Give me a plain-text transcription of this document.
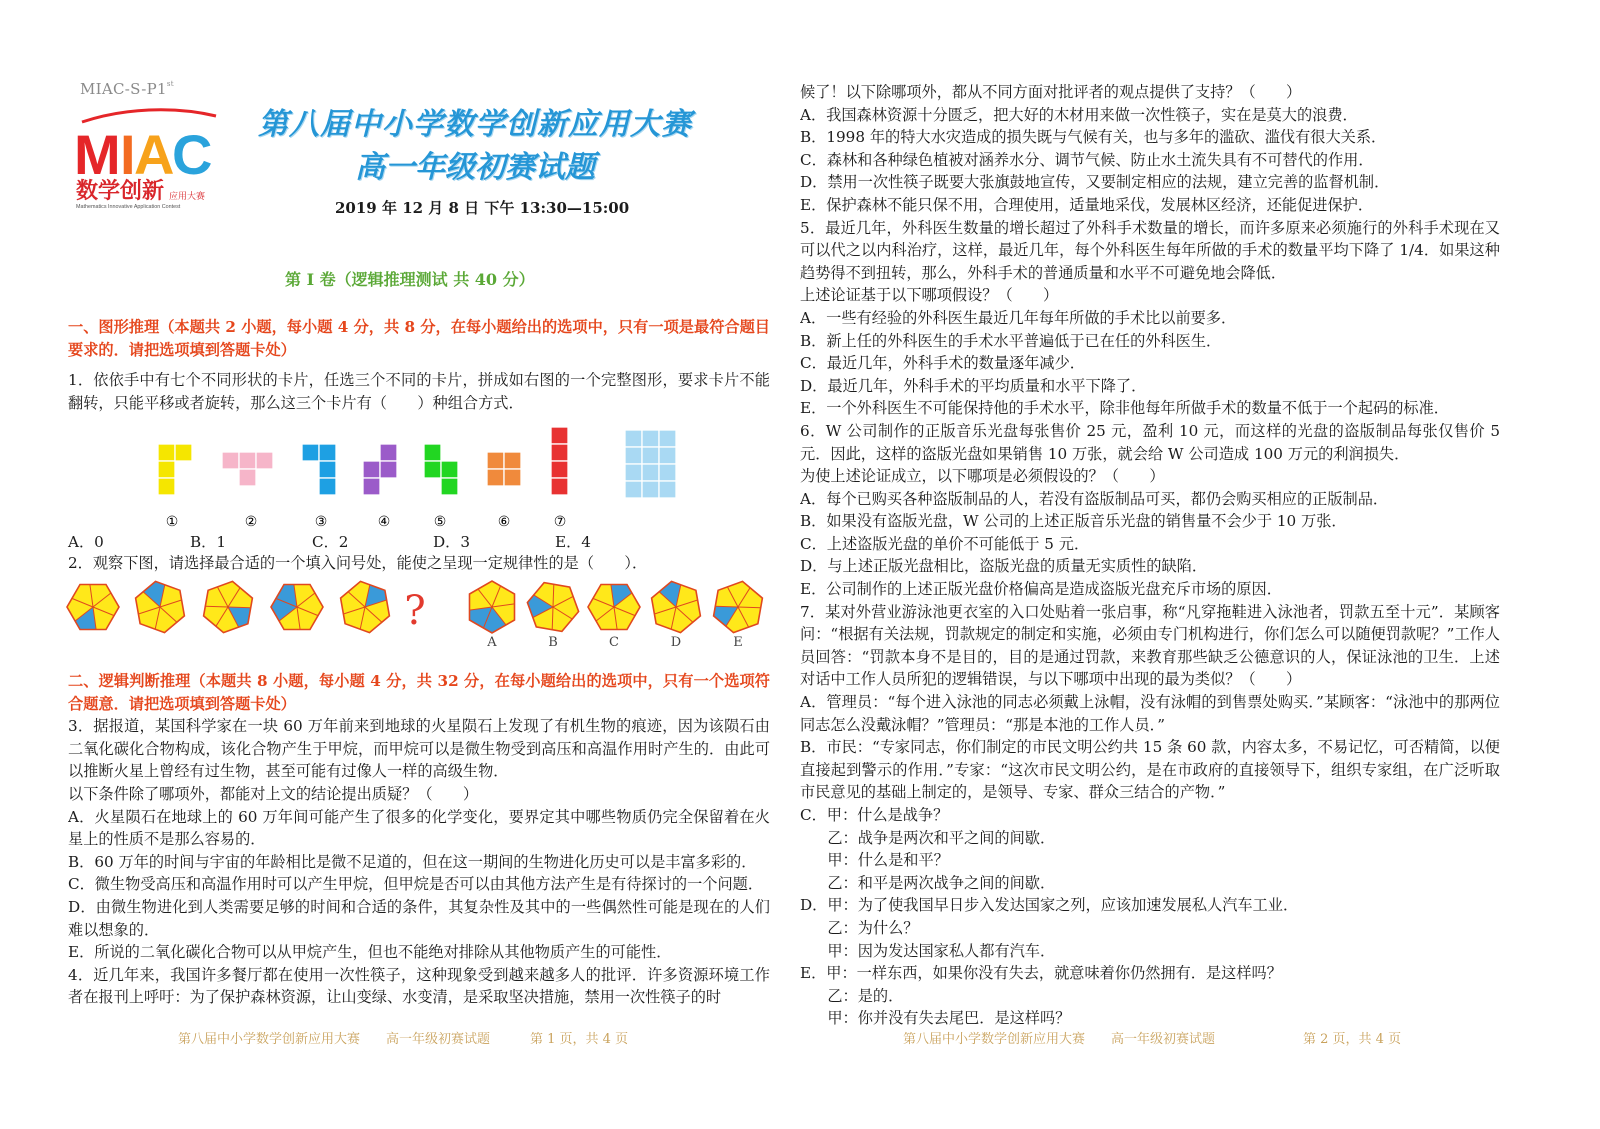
MIAC-S-P1st
M I
A
C
数学创新 应用大赛
Mathematics Innovative Application Contest
第八届中小学数学创新应用大赛
高一年级初赛试题
2019 年 12 月 8 日 下午 13:30—15:00
第 I 卷（逻辑推理测试 共 40 分）
一、图形推理（本题共 2 小题，每小题 4 分，共 8 分，在每小题给出的选项中，只有一项是最符合题目要求的．请把选项填到答题卡处）
1．依依手中有七个不同形状的卡片，任选三个不同的卡片，拼成如右图的一个完整图形，要求卡片不能翻转，只能平移或者旋转，那么这三个卡片有（　　）种组合方式．
①	②	③	④	⑤	⑥	⑦
A．0	B．1	C．2	D．3	E．4
2．观察下图，请选择最合适的一个填入问号处，能使之呈现一定规律性的是（　　）．
?
A	B	C	D	E

二、逻辑判断推理（本题共 8 小题，每小题 4 分，共 32 分，在每小题给出的选项中，只有一个选项符合题意．请把选项填到答题卡处）

3．据报道，某国科学家在一块 60 万年前来到地球的火星陨石上发现了有机生物的痕迹，因为该陨石由二氧化碳化合物构成，该化合物产生于甲烷，而甲烷可以是微生物受到高压和高温作用时产生的．由此可以推断火星上曾经有过生物，甚至可能有过像人一样的高级生物．

以下条件除了哪项外，都能对上文的结论提出质疑？（　　）

A．火星陨石在地球上的 60 万年间可能产生了很多的化学变化，要界定其中哪些物质仍完全保留着在火星上的性质不是那么容易的．

B．60 万年的时间与宇宙的年龄相比是微不足道的，但在这一期间的生物进化历史可以是丰富多彩的．

C．微生物受高压和高温作用时可以产生甲烷，但甲烷是否可以由其他方法产生是有待探讨的一个问题．

D．由微生物进化到人类需要足够的时间和合适的条件，其复杂性及其中的一些偶然性可能是现在的人们难以想象的．

E．所说的二氧化碳化合物可以从甲烷产生，但也不能绝对排除从其他物质产生的可能性．

4．近几年来，我国许多餐厅都在使用一次性筷子，这种现象受到越来越多人的批评．许多资源环境工作者在报刊上呼吁：为了保护森林资源，让山变绿、水变清，是采取坚决措施，禁用一次性筷子的时

第八届中小学数学创新应用大赛　　高一年级初赛试题	第 1 页，共 4 页

候了！以下除哪项外，都从不同方面对批评者的观点提供了支持？（　　）

A．我国森林资源十分匮乏，把大好的木材用来做一次性筷子，实在是莫大的浪费．

B．1998 年的特大水灾造成的损失既与气候有关，也与多年的滥砍、滥伐有很大关系．

C．森林和各种绿色植被对涵养水分、调节气候、防止水土流失具有不可替代的作用．

D．禁用一次性筷子既要大张旗鼓地宣传，又要制定相应的法规，建立完善的监督机制．

E．保护森林不能只保不用，合理使用，适量地采伐，发展林区经济，还能促进保护．

5．最近几年，外科医生数量的增长超过了外科手术数量的增长，而许多原来必须施行的外科手术现在又可以代之以内科治疗，这样，最近几年，每个外科医生每年所做的手术的数量平均下降了 1/4．如果这种趋势得不到扭转，那么，外科手术的普通质量和水平不可避免地会降低．

上述论证基于以下哪项假设？（　　）

A．一些有经验的外科医生最近几年每年所做的手术比以前要多．

B．新上任的外科医生的手术水平普遍低于已在任的外科医生．

C．最近几年，外科手术的数量逐年减少．

D．最近几年，外科手术的平均质量和水平下降了．

E．一个外科医生不可能保持他的手术水平，除非他每年所做手术的数量不低于一个起码的标准．

6．W 公司制作的正版音乐光盘每张售价 25 元，盈利 10 元，而这样的光盘的盗版制品每张仅售价 5 元．因此，这样的盗版光盘如果销售 10 万张，就会给 W 公司造成 100 万元的利润损失．

为使上述论证成立，以下哪项是必须假设的？（　　）

A．每个已购买各种盗版制品的人，若没有盗版制品可买，都仍会购买相应的正版制品．

B．如果没有盗版光盘，W 公司的上述正版音乐光盘的销售量不会少于 10 万张．

C．上述盗版光盘的单价不可能低于 5 元．

D．与上述正版光盘相比，盗版光盘的质量无实质性的缺陷．

E．公司制作的上述正版光盘价格偏高是造成盗版光盘充斥市场的原因．

7．某对外营业游泳池更衣室的入口处贴着一张启事，称“凡穿拖鞋进入泳池者，罚款五至十元”．某顾客问：“根据有关法规，罚款规定的制定和实施，必须由专门机构进行，你们怎么可以随便罚款呢？”工作人员回答：“罚款本身不是目的，目的是通过罚款，来教育那些缺乏公德意识的人，保证泳池的卫生．上述对话中工作人员所犯的逻辑错误，与以下哪项中出现的最为类似？（　　）

A．管理员：“每个进入泳池的同志必须戴上泳帽，没有泳帽的到售票处购买．”某顾客：“泳池中的那两位同志怎么没戴泳帽？”管理员：“那是本池的工作人员．”

B．市民：“专家同志，你们制定的市民文明公约共 15 条 60 款，内容太多，不易记忆，可否精简，以便直接起到警示的作用．”专家：“这次市民文明公约，是在市政府的直接领导下，组织专家组，在广泛听取市民意见的基础上制定的，是领导、专家、群众三结合的产物．”

C．甲：什么是战争？

乙：战争是两次和平之间的间歇．

甲：什么是和平？

乙：和平是两次战争之间的间歇．

D．甲：为了使我国早日步入发达国家之列，应该加速发展私人汽车工业．

乙：为什么？

甲：因为发达国家私人都有汽车．

E．甲：一样东西，如果你没有失去，就意味着你仍然拥有．是这样吗？

乙：是的．

甲：你并没有失去尾巴．是这样吗？

第八届中小学数学创新应用大赛　　高一年级初赛试题	第 2 页，共 4 页
